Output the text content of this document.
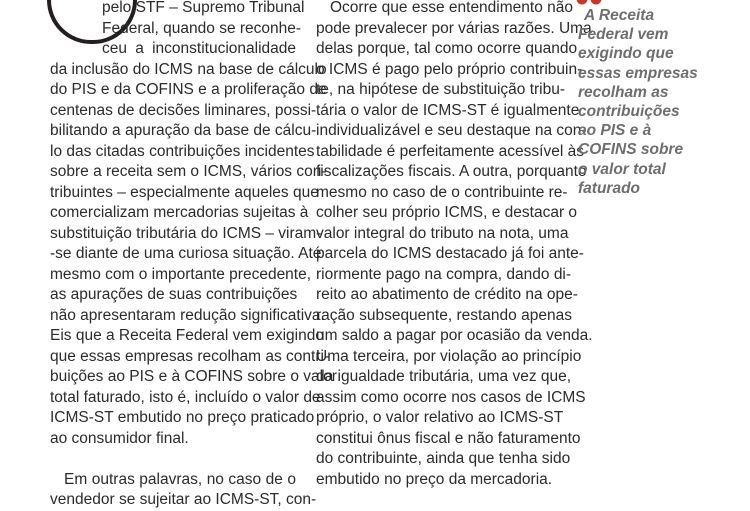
pelo STF – Supremo Tribunal
Federal, quando se reconhe-
ceu a inconstitucionalidade
da inclusão do ICMS na base de cálculo
do PIS e da COFINS e a proliferação de
centenas de decisões liminares, possi-
bilitando a apuração da base de cálcu-
lo das citadas contribuições incidentes
sobre a receita sem o ICMS, vários con-
tribuintes – especialmente aqueles que
comercializam mercadorias sujeitas à
substituição tributária do ICMS – viram-
-se diante de uma curiosa situação. Até
mesmo com o importante precedente,
as apurações de suas contribuições
não apresentaram redução significativa.
Eis que a Receita Federal vem exigindo
que essas empresas recolham as contri-
buições ao PIS e à COFINS sobre o valor
total faturado, isto é, incluído o valor de
ICMS-ST embutido no preço praticado
ao consumidor final.
Em outras palavras, no caso de o
vendedor se sujeitar ao ICMS-ST, con-
Ocorre que esse entendimento não
pode prevalecer por várias razões. Uma
delas porque, tal como ocorre quando
o ICMS é pago pelo próprio contribuin-
te, na hipótese de substituição tribu-
tária o valor de ICMS-ST é igualmente
individualizável e seu destaque na con-
tabilidade é perfeitamente acessível às
fiscalizações fiscais. A outra, porquanto
mesmo no caso de o contribuinte re-
colher seu próprio ICMS, e destacar o
valor integral do tributo na nota, uma
parcela do ICMS destacado já foi ante-
riormente pago na compra, dando di-
reito ao abatimento de crédito na ope-
ração subsequente, restando apenas
um saldo a pagar por ocasião da venda.
Uma terceira, por violação ao princípio
da igualdade tributária, uma vez que,
assim como ocorre nos casos de ICMS
próprio, o valor relativo ao ICMS-ST
constitui ônus fiscal e não faturamento
do contribuinte, ainda que tenha sido
embutido no preço da mercadoria.
A Receita
Federal vem
exigindo que
essas empresas
recolham as
contribuições
ao PIS e à
COFINS sobre
o valor total
faturado
